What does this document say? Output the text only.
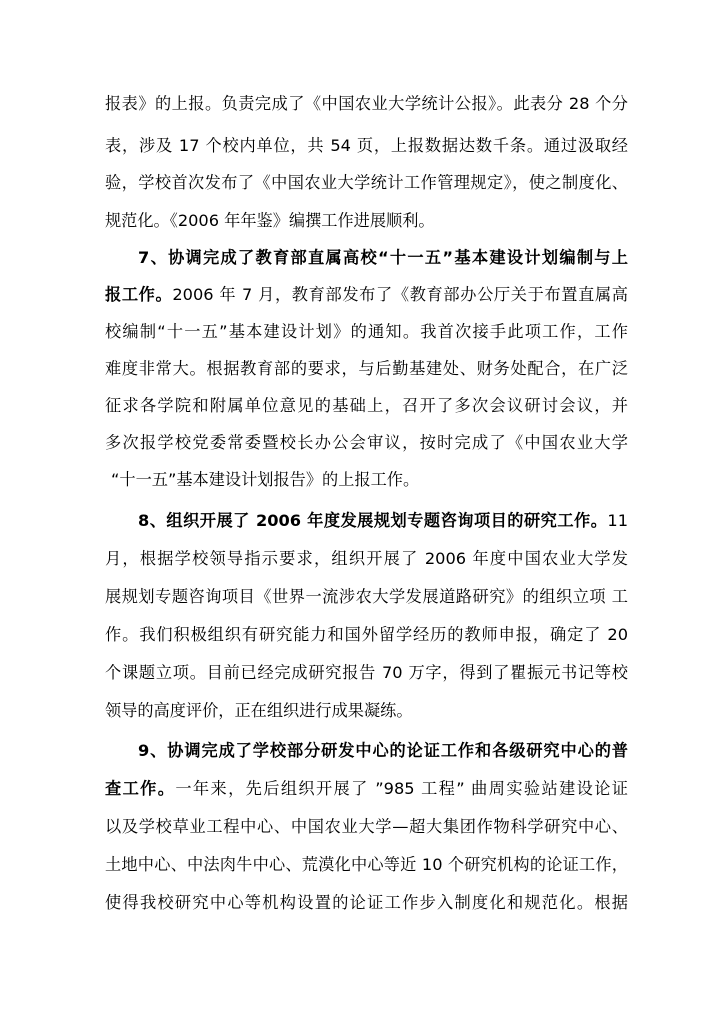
报表》的上报。负责完成了《中国农业大学统计公报》。此表分 28 个分
表，涉及 17 个校内单位，共 54 页，上报数据达数千条。通过汲取经
验，学校首次发布了《中国农业大学统计工作管理规定》，使之制度化、
规范化。《2006 年年鉴》编撰工作进展顺利。
7、协调完成了教育部直属高校“十一五”基本建设计划编制与上
报工作。2006 年 7 月，教育部发布了《教育部办公厅关于布置直属高
校编制“十一五”基本建设计划》的通知。我首次接手此项工作，工作
难度非常大。根据教育部的要求，与后勤基建处、财务处配合，在广泛
征求各学院和附属单位意见的基础上，召开了多次会议研讨会议，并
多次报学校党委常委暨校长办公会审议，按时完成了《中国农业大学
“十一五”基本建设计划报告》的上报工作。
8、组织开展了 2006 年度发展规划专题咨询项目的研究工作。11
月，根据学校领导指示要求，组织开展了 2006 年度中国农业大学发
展规划专题咨询项目《世界一流涉农大学发展道路研究》的组织立项 工
作。我们积极组织有研究能力和国外留学经历的教师申报，确定了 20
个课题立项。目前已经完成研究报告 70 万字，得到了瞿振元书记等校
领导的高度评价，正在组织进行成果凝练。
9、协调完成了学校部分研发中心的论证工作和各级研究中心的普
查工作。一年来，先后组织开展了 ”985 工程” 曲周实验站建设论证
以及学校草业工程中心、中国农业大学—超大集团作物科学研究中心、
土地中心、中法肉牛中心、荒漠化中心等近 10 个研究机构的论证工作，
使得我校研究中心等机构设置的论证工作步入制度化和规范化。根据
